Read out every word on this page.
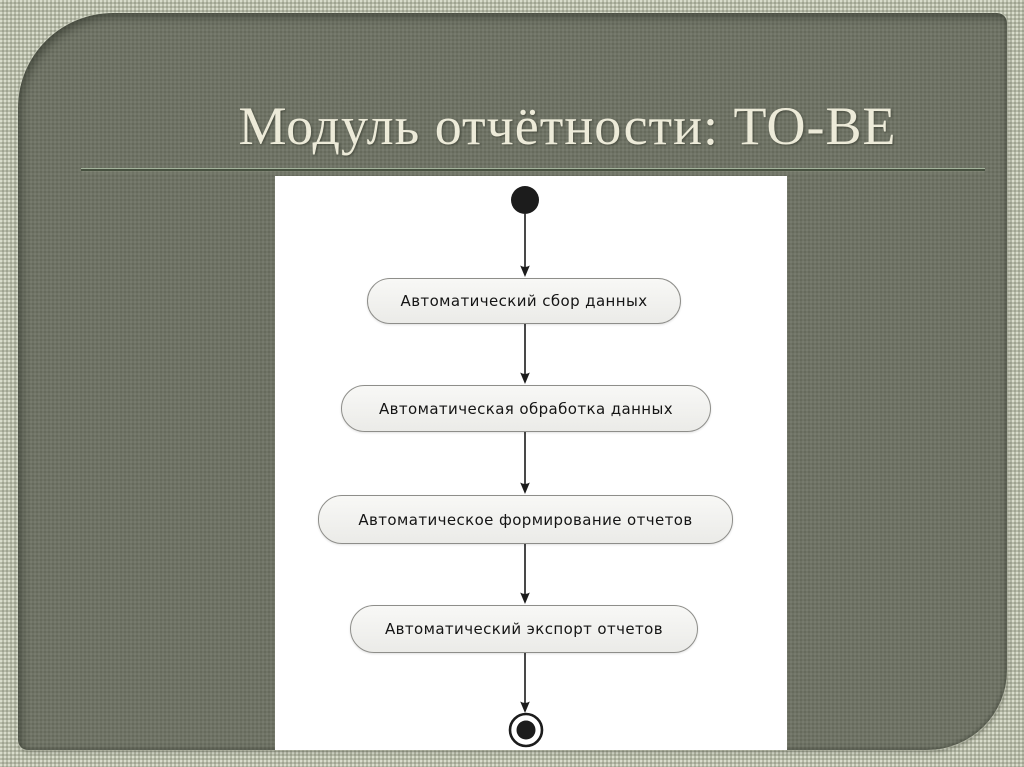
Модуль отчётности: TO-BE
Автоматический сбор данных
Автоматическая обработка данных
Автоматическое формирование отчетов
Автоматический экспорт отчетов
